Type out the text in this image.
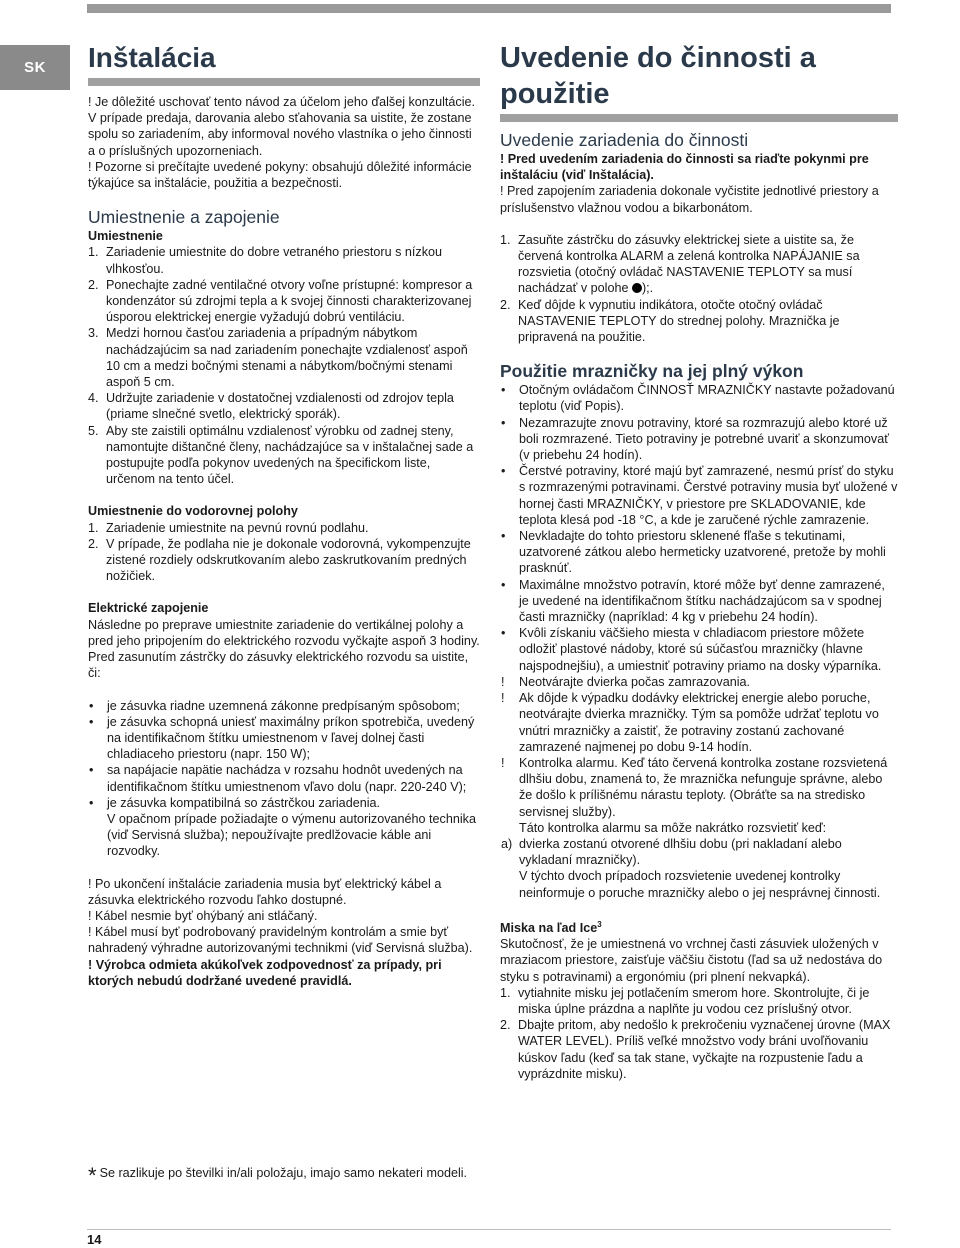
SK Inštalácia

! Je dôležité uschovať tento návod za účelom jeho ďalšej konzultácie. V prípade predaja, darovania alebo sťahovania sa uistite, že zostane spolu so zariadením, aby informoval nového vlastníka o jeho činnosti a o príslušných upozorneniach.

! Pozorne si prečítajte uvedené pokyny: obsahujú dôležité informácie týkajúce sa inštalácie, použitia a bezpečnosti.

Umiestnenie a zapojenie
Umiestnenie
1. Zariadenie umiestnite do dobre vetraného priestoru s nízkou vlhkosťou.
2. Ponechajte zadné ventilačné otvory voľne prístupné: kompresor a kondenzátor sú zdrojmi tepla a k svojej činnosti charakterizovanej úsporou elektrickej energie vyžadujú dobrú ventiláciu.
3. Medzi hornou časťou zariadenia a prípadným nábytkom nachádzajúcim sa nad zariadením ponechajte vzdialenosť aspoň 10 cm a medzi bočnými stenami a nábytkom/bočnými stenami aspoň 5 cm.
4. Udržujte zariadenie v dostatočnej vzdialenosti od zdrojov tepla (priame slnečné svetlo, elektrický sporák).
5. Aby ste zaistili optimálnu vzdialenosť výrobku od zadnej steny, namontujte dištančné členy, nachádzajúce sa v inštalačnej sade a postupujte podľa pokynov uvedených na špecifickom liste, určenom na tento účel.
Umiestnenie do vodorovnej polohy
1. Zariadenie umiestnite na pevnú rovnú podlahu.
2. V prípade, že podlaha nie je dokonale vodorovná, vykompenzujte zistené rozdiely odskrutkovaním alebo zaskrutkovaním predných nožičiek.
Elektrické zapojenie

Následne po preprave umiestnite zariadenie do vertikálnej polohy a pred jeho pripojením do elektrického rozvodu vyčkajte aspoň 3 hodiny. Pred zasunutím zástrčky do zásuvky elektrického rozvodu sa uistite, či:

•	je zásuvka riadne uzemnená zákonne predpísaným spôsobom;
•	je zásuvka schopná uniesť maximálny príkon spotrebiča, uvedený na identifikačnom štítku umiestnenom v ľavej dolnej časti chladiaceho priestoru (napr. 150 W);
•	sa napájacie napätie nachádza v rozsahu hodnôt uvedených na identifikačnom štítku umiestnenom vľavo dolu (napr. 220-240 V);
•	je zásuvka kompatibilná so zástrčkou zariadenia.
V opačnom prípade požiadajte o výmenu autorizovaného technika (viď Servisná služba); nepoužívajte predlžovacie káble ani rozvodky.

! Po ukončení inštalácie zariadenia musia byť elektrický kábel a zásuvka elektrického rozvodu ľahko dostupné.

! Kábel nesmie byť ohýbaný ani stláčaný.

! Kábel musí byť podrobovaný pravidelným kontrolám a smie byť nahradený výhradne autorizovanými technikmi (viď Servisná služba).

! Výrobca odmieta akúkoľvek zodpovednosť za prípady, pri ktorých nebudú dodržané uvedené pravidlá.

* Se razlikuje po številki in/ali položaju, imajo samo nekateri modeli.
Uvedenie do činnosti a
použitie
Uvedenie zariadenia do činnosti

! Pred uvedením zariadenia do činnosti sa riaďte pokynmi pre inštaláciu (viď Inštalácia).

! Pred zapojením zariadenia dokonale vyčistite jednotlivé priestory a príslušenstvo vlažnou vodou a bikarbonátom.

1. Zasuňte zástrčku do zásuvky elektrickej siete a uistite sa, že červená kontrolka ALARM a zelená kontrolka NAPÁJANIE sa rozsvietia (otočný ovládač NASTAVENIE TEPLOTY sa musí nachádzať v polohe );.
2. Keď dôjde k vypnutiu indikátora, otočte otočný ovládač NASTAVENIE TEPLOTY do strednej polohy. Mraznička je pripravená na použitie.
Použitie mrazničky na jej plný výkon
•	Otočným ovládačom ČINNOSŤ MRAZNIČKY nastavte požadovanú teplotu (viď Popis).
•	Nezamrazujte znovu potraviny, ktoré sa rozmrazujú alebo ktoré už boli rozmrazené. Tieto potraviny je potrebné uvariť a skonzumovať (v priebehu 24 hodín).
•	Čerstvé potraviny, ktoré majú byť zamrazené, nesmú prísť do styku s rozmrazenými potravinami. Čerstvé potraviny musia byť uložené v hornej časti MRAZNIČKY, v priestore pre SKLADOVANIE, kde teplota klesá pod -18 °C, a kde je zaručené rýchle zamrazenie.
•	Nevkladajte do tohto priestoru sklenené fľaše s tekutinami, uzatvorené zátkou alebo hermeticky uzatvorené, pretože by mohli prasknúť.
•	Maximálne množstvo potravín, ktoré môže byť denne zamrazené, je uvedené na identifikačnom štítku nachádzajúcom sa v spodnej časti mrazničky (napríklad: 4 kg v priebehu 24 hodín).
•	Kvôli získaniu väčšieho miesta v chladiacom priestore môžete odložiť plastové nádoby, ktoré sú súčasťou mrazničky (hlavne najspodnejšiu), a umiestniť potraviny priamo na dosky výparníka.
!	Neotvárajte dvierka počas zamrazovania.
!	Ak dôjde k výpadku dodávky elektrickej energie alebo poruche, neotvárajte dvierka mrazničky. Tým sa pomôže udržať teplotu vo vnútri mrazničky a zaistiť, že potraviny zostanú zachované zamrazené najmenej po dobu 9-14 hodín.
!	Kontrolka alarmu. Keď táto červená kontrolka zostane rozsvietená dlhšiu dobu, znamená to, že mraznička nefunguje správne, alebo že došlo k prílišnému nárastu teploty. (Obráťte sa na stredisko servisnej služby).
Táto kontrolka alarmu sa môže nakrátko rozsvietiť keď:
a) dvierka zostanú otvorené dlhšiu dobu (pri nakladaní alebo vykladaní mrazničky).
V týchto dvoch prípadoch rozsvietenie uvedenej kontrolky neinformuje o poruche mrazničky alebo o jej nesprávnej činnosti.
Miska na ľad Ice$^3$

Skutočnosť, že je umiestnená vo vrchnej časti zásuviek uložených v mraziacom priestore, zaisťuje väčšiu čistotu (ľad sa už nedostáva do styku s potravinami) a ergonómiu (pri plnení nekvapká).

1. vytiahnite misku jej potlačením smerom hore. Skontrolujte, či je miska úplne prázdna a naplňte ju vodou cez príslušný otvor.
2. Dbajte pritom, aby nedošlo k prekročeniu vyznačenej úrovne (MAX WATER LEVEL). Príliš veľké množstvo vody bráni uvoľňovaniu kúskov ľadu (keď sa tak stane, vyčkajte na rozpustenie ľadu a vyprázdnite misku).
14
